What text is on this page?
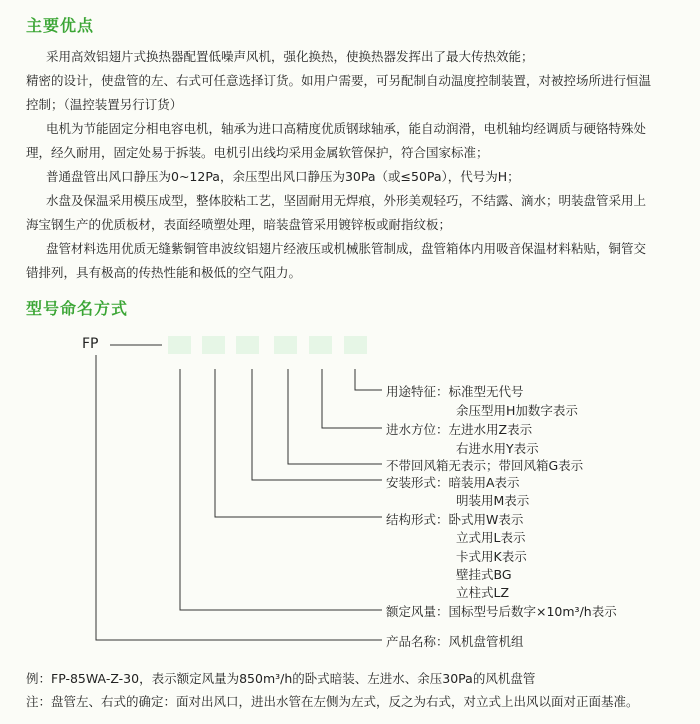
主要优点
采用高效铝翅片式换热器配置低噪声风机，强化换热，使换热器发挥出了最大传热效能；
精密的设计，使盘管的左、右式可任意选择订货。如用户需要，可另配制自动温度控制装置，对被控场所进行恒温
控制；（温控装置另行订货）
电机为节能固定分相电容电机，轴承为进口高精度优质钢球轴承，能自动润滑，电机轴均经调质与硬铬特殊处
理，经久耐用，固定处易于拆装。电机引出线均采用金属软管保护，符合国家标准；
普通盘管出风口静压为0~12Pa，余压型出风口静压为30Pa（或≤50Pa），代号为H；
水盘及保温采用模压成型，整体胶粘工艺，坚固耐用无焊痕，外形美观轻巧，不结露、滴水；明装盘管采用上
海宝钢生产的优质板材，表面经喷塑处理，暗装盘管采用镀锌板或耐指纹板；
盘管材料选用优质无缝紫铜管串波纹铝翅片经液压或机械胀管制成，盘管箱体内用吸音保温材料粘贴，铜管交
错排列，具有极高的传热性能和极低的空气阻力。
型号命名方式
FP
用途特征：标准型无代号
余压型用H加数字表示
进水方位：左进水用Z表示
右进水用Y表示
不带回风箱无表示；带回风箱G表示
安装形式：暗装用A表示
明装用M表示
结构形式：卧式用W表示
立式用L表示
卡式用K表示
壁挂式BG
立柱式LZ
额定风量：国标型号后数字×10m³/h表示
产品名称：风机盘管机组
例：FP-85WA-Z-30，表示额定风量为850m³/h的卧式暗装、左进水、余压30Pa的风机盘管
注：盘管左、右式的确定：面对出风口，进出水管在左侧为左式，反之为右式，对立式上出风以面对正面基准。
